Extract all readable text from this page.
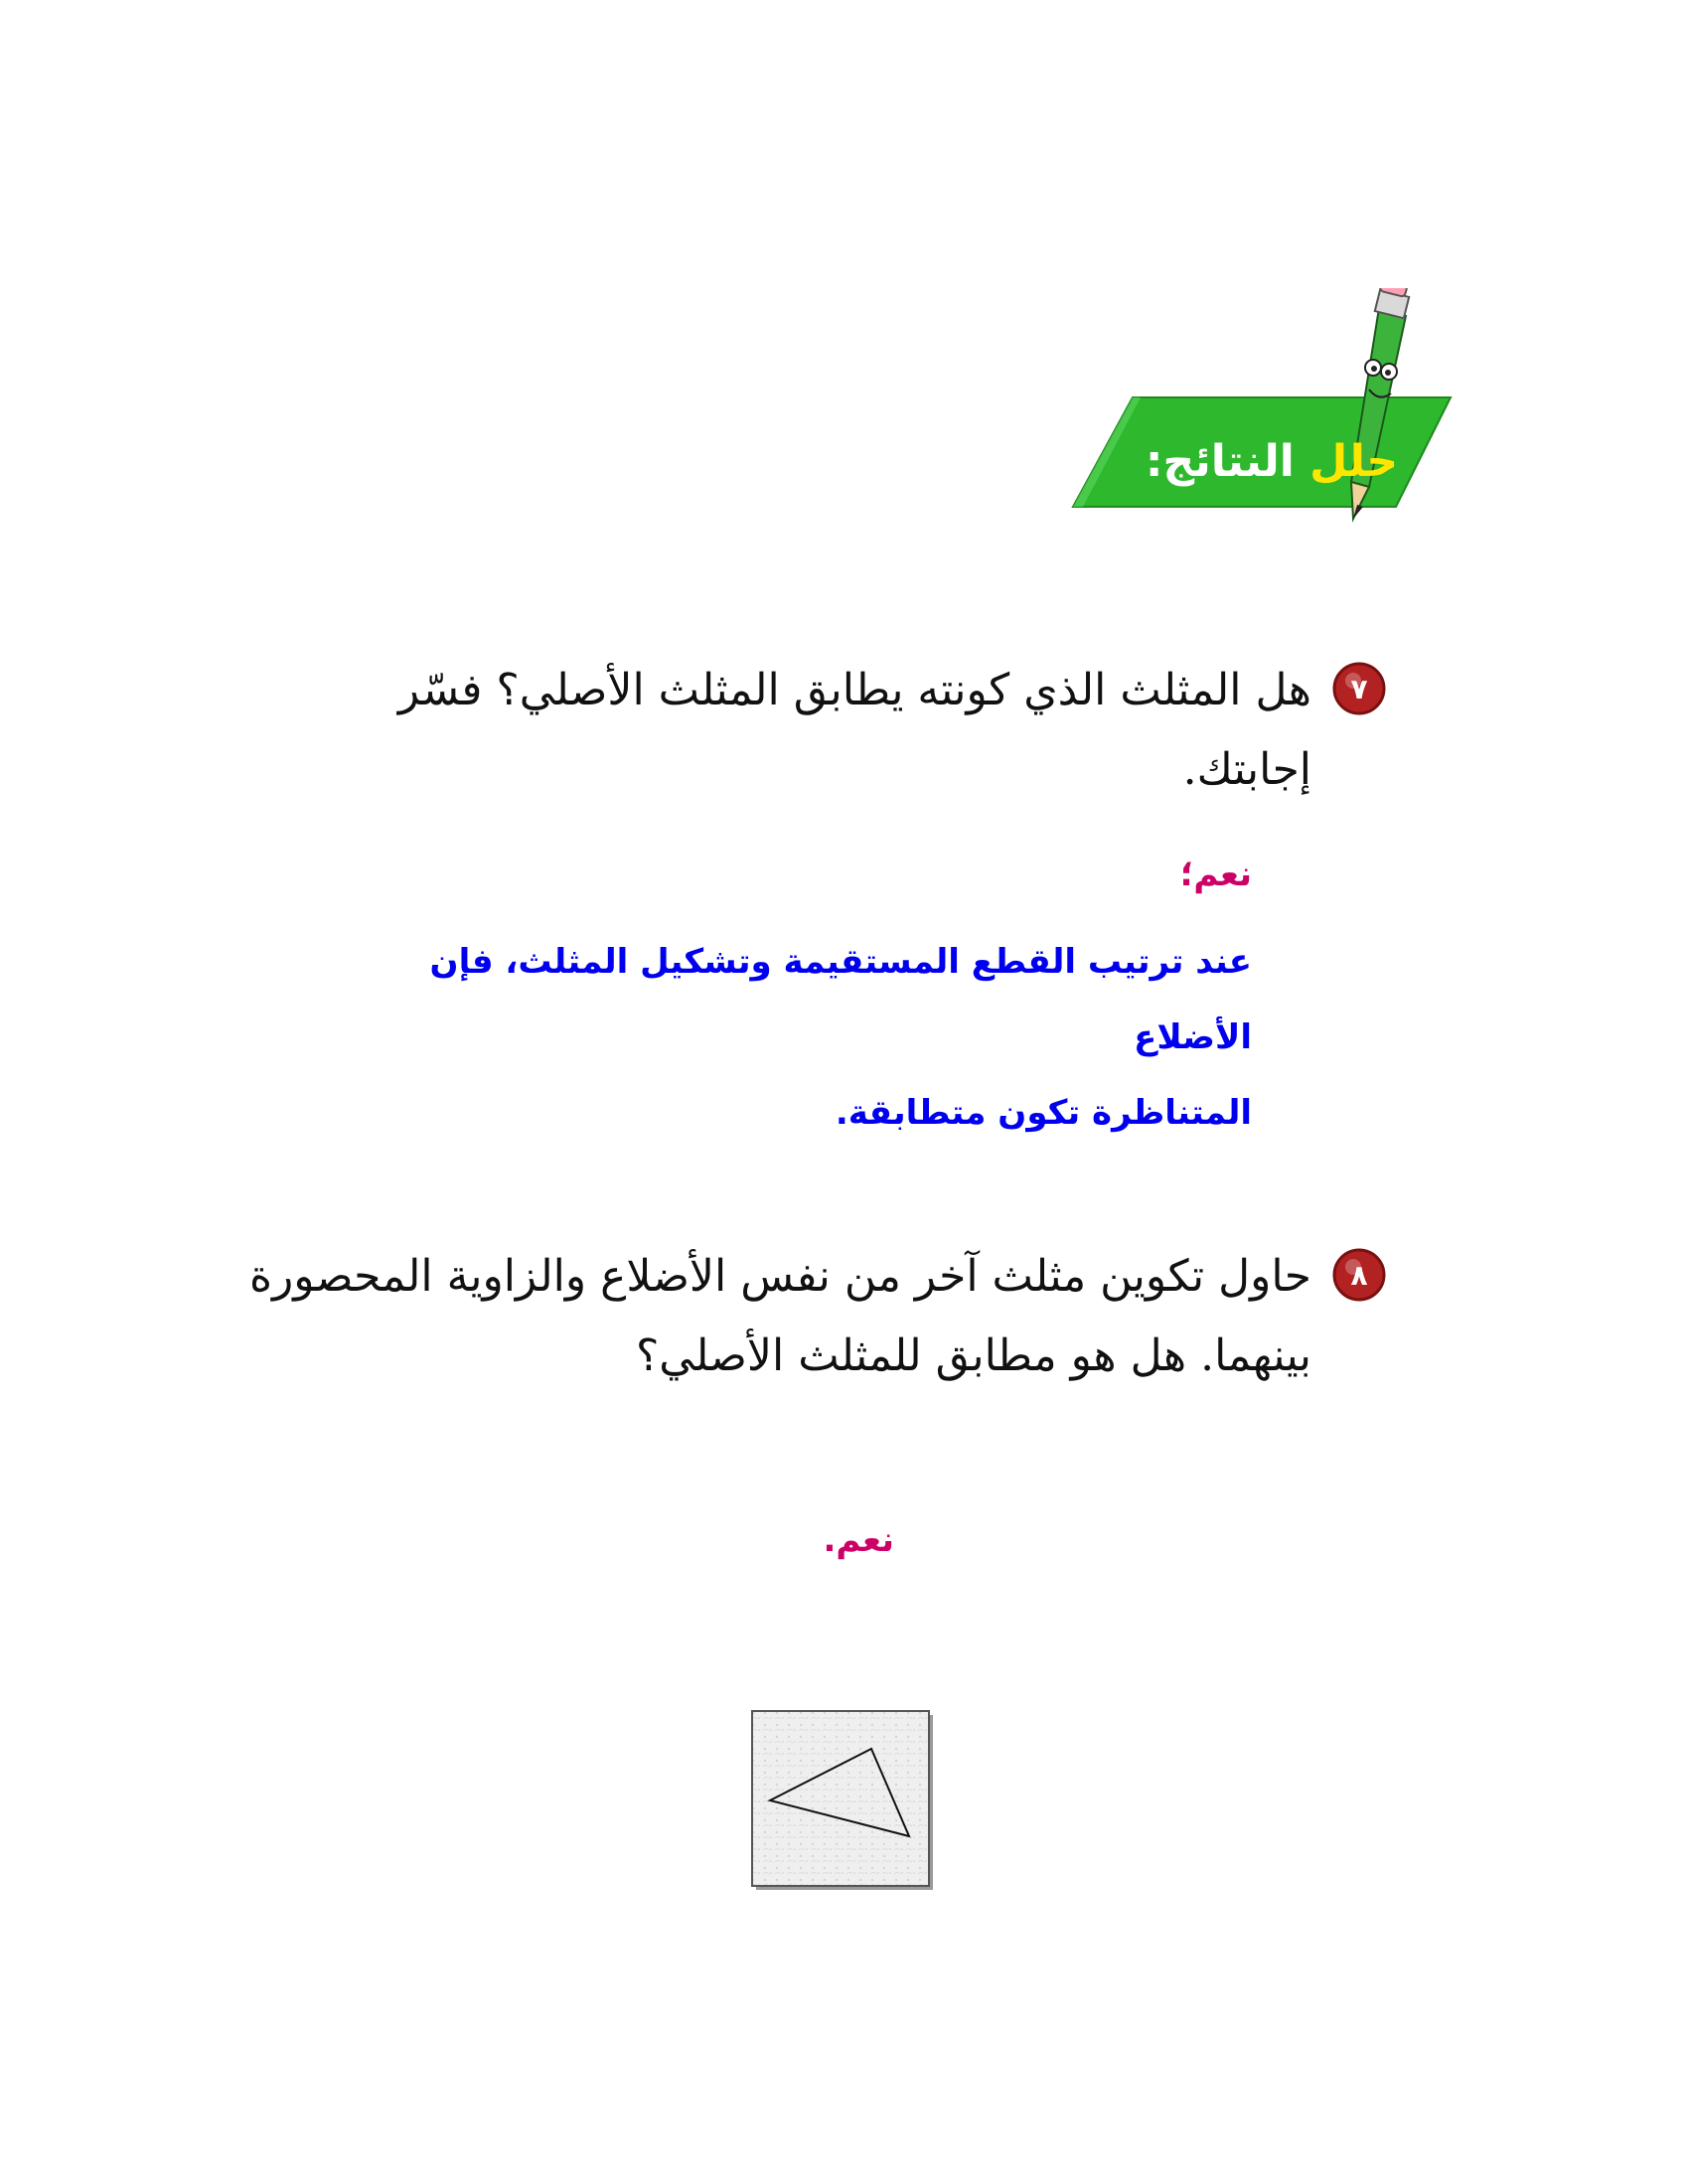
حلل النتائج:
٧
هل المثلث الذي كونته يطابق المثلث الأصلي؟ فسّر إجابتك.
نعم؛
عند ترتيب القطع المستقيمة وتشكيل المثلث، فإن الأضلاع
المتناظرة تكون متطابقة.
٨
حاول تكوين مثلث آخر من نفس الأضلاع والزاوية المحصورة بينهما. هل هو مطابق للمثلث الأصلي؟
نعم.
